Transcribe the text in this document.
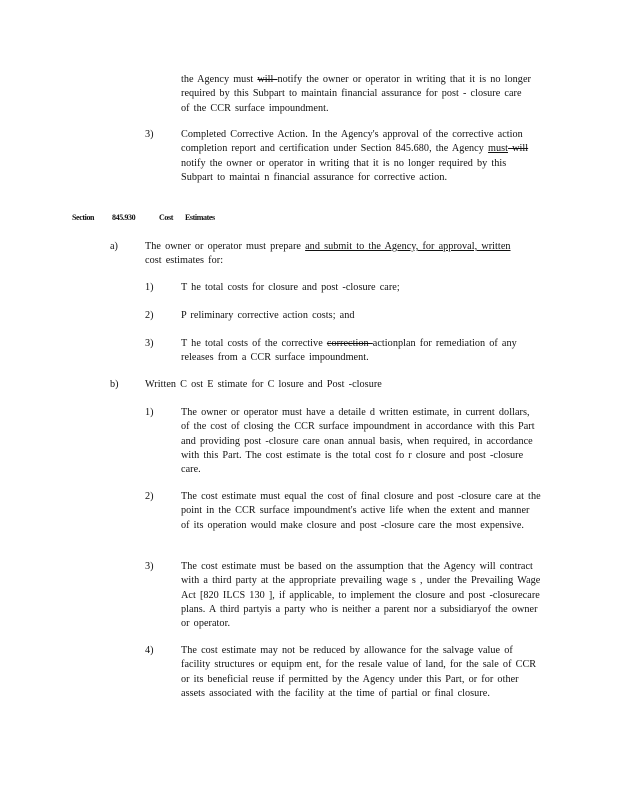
the Agency must will notify the owner or operator in writing that it is no longer required by this Subpart to maintain financial assurance for post - closure care of the CCR surface impoundment.
3)	Completed Corrective Action. In the Agency's approval of the corrective action completion report and certification under Section 845.680, the Agency must will notify the owner or operator in writing that it is no longer required by this Subpart to maintai n financial assurance for corrective action.
Section 845.930	Cost Estimates
a)	The owner or operator must prepare and submit to the Agency, for approval, written cost estimates for:
1)	T he total costs for closure and post -closure care;
2)	P reliminary corrective action costs; and
3)	T he total costs of the corrective correction actionplan for remediation of any releases from a CCR surface impoundment.
b)	Written C ost E stimate for C losure and Post -closure
1)	The owner or operator must have a detaile d written estimate, in current dollars, of the cost of closing the CCR surface impoundment in accordance with this Part and providing post -closure care onan annual basis, when required, in accordance with this Part. The cost estimate is the total cost fo r closure and post -closure care.
2)	The cost estimate must equal the cost of final closure and post -closure care at the point in the CCR surface impoundment's active life when the extent and manner of its operation would make closure and post -closure care the most expensive.
3)	The cost estimate must be based on the assumption that the Agency will contract with a third party at the appropriate prevailing wage s , under the Prevailing Wage Act [820 ILCS 130 ], if applicable, to implement the closure and post -closurecare plans. A third partyis a party who is neither a parent nor a subsidiaryof the owner or operator.
4)	The cost estimate may not be reduced by allowance for the salvage value of facility structures or equipm ent, for the resale value of land, for the sale of CCR or its beneficial reuse if permitted by the Agency under this Part, or for other assets associated with the facility at the time of partial or final closure.
